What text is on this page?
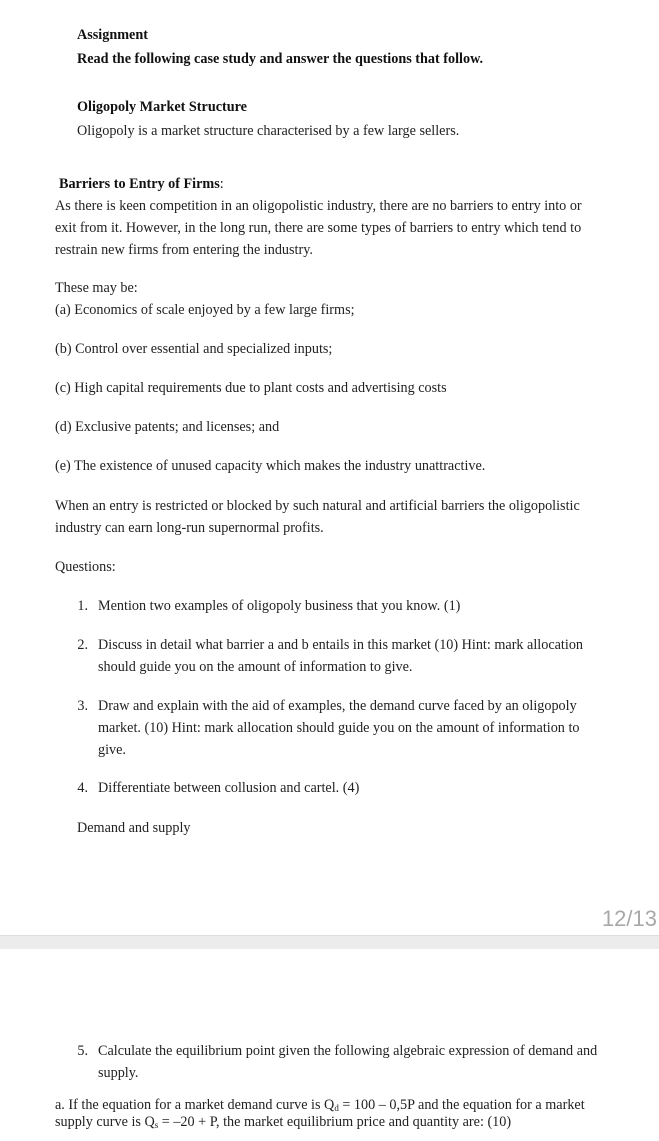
Assignment
Read the following case study and answer the questions that follow.
Oligopoly Market Structure
Oligopoly is a market structure characterised by a few large sellers.
Barriers to Entry of Firms:
As there is keen competition in an oligopolistic industry, there are no barriers to entry into or exit from it. However, in the long run, there are some types of barriers to entry which tend to restrain new firms from entering the industry.
These may be:
(a) Economics of scale enjoyed by a few large firms;
(b) Control over essential and specialized inputs;
(c) High capital requirements due to plant costs and advertising costs
(d) Exclusive patents; and licenses; and
(e) The existence of unused capacity which makes the industry unattractive.
When an entry is restricted or blocked by such natural and artificial barriers the oligopolistic industry can earn long-run supernormal profits.
Questions:
1. Mention two examples of oligopoly business that you know. (1)
2. Discuss in detail what barrier a and b entails in this market (10) Hint: mark allocation should guide you on the amount of information to give.
3. Draw and explain with the aid of examples, the demand curve faced by an oligopoly market. (10) Hint: mark allocation should guide you on the amount of information to give.
4. Differentiate between collusion and cartel. (4)
Demand and supply
12/13
5. Calculate the equilibrium point given the following algebraic expression of demand and supply.
a. If the equation for a market demand curve is $Q_d = 100 - 0,5P$ and the equation for a market supply curve is $Q_s = -20 + P$, the market equilibrium price and quantity are: (10)
